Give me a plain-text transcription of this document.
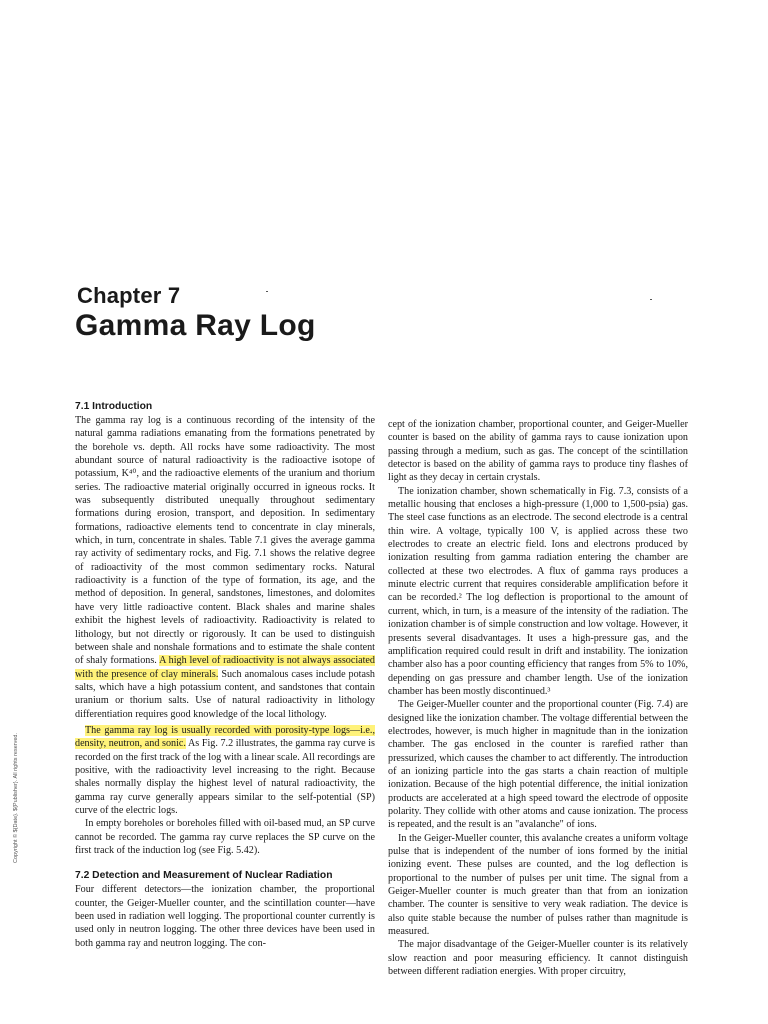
Chapter 7
Gamma Ray Log
7.1 Introduction

The gamma ray log is a continuous recording of the intensity of the natural gamma radiations emanating from the formations penetrated by the borehole vs. depth. All rocks have some radioactivity. The most abundant source of natural radioactivity is the radioactive isotope of potassium, K⁴⁰, and the radioactive elements of the uranium and thorium series. The radioactive material originally occurred in igneous rocks. It was subsequently distributed unequally throughout sedimentary formations during erosion, transport, and deposition. In sedimentary formations, radioactive elements tend to concentrate in clay minerals, which, in turn, concentrate in shales. Table 7.1 gives the average gamma ray activity of sedimentary rocks, and Fig. 7.1 shows the relative degree of radioactivity of the most common sedimentary rocks. Natural radioactivity is a function of the type of formation, its age, and the method of deposition. In general, sandstones, limestones, and dolomites have very little radioactive content. Black shales and marine shales exhibit the highest levels of radioactivity. Radioactivity is related to lithology, but not directly or rigorously. It can be used to distinguish between shale and nonshale formations and to estimate the shale content of shaly formations. A high level of radioactivity is not always associated with the presence of clay minerals. Such anomalous cases include potash salts, which have a high potassium content, and sandstones that contain uranium or thorium salts. Use of natural radioactivity in lithology differentiation requires good knowledge of the local lithology.

The gamma ray log is usually recorded with porosity-type logs—i.e., density, neutron, and sonic. As Fig. 7.2 illustrates, the gamma ray curve is recorded on the first track of the log with a linear scale. All recordings are positive, with the radioactivity level increasing to the right. Because shales normally display the highest level of natural radioactivity, the gamma ray curve generally appears similar to the self-potential (SP) curve of the electric logs.

In empty boreholes or boreholes filled with oil-based mud, an SP curve cannot be recorded. The gamma ray curve replaces the SP curve on the first track of the induction log (see Fig. 5.42).

7.2 Detection and Measurement of Nuclear Radiation

Four different detectors—the ionization chamber, the proportional counter, the Geiger-Mueller counter, and the scintillation counter—have been used in radiation well logging. The proportional counter currently is used only in neutron logging. The other three devices have been used in both gamma ray and neutron logging. The con-

cept of the ionization chamber, proportional counter, and Geiger-Mueller counter is based on the ability of gamma rays to cause ionization upon passing through a medium, such as gas. The concept of the scintillation detector is based on the ability of gamma rays to produce tiny flashes of light as they decay in certain crystals.

The ionization chamber, shown schematically in Fig. 7.3, consists of a metallic housing that encloses a high-pressure (1,000 to 1,500-psia) gas. The steel case functions as an electrode. The second electrode is a central thin wire. A voltage, typically 100 V, is applied across these two electrodes to create an electric field. Ions and electrons produced by ionization resulting from gamma radiation entering the chamber are collected at these two electrodes. A flux of gamma rays produces a minute electric current that requires considerable amplification before it can be recorded.² The log deflection is proportional to the amount of current, which, in turn, is a measure of the intensity of the radiation. The ionization chamber is of simple construction and low voltage. However, it presents several disadvantages. It uses a high-pressure gas, and the amplification required could result in drift and instability. The ionization chamber also has a poor counting efficiency that ranges from 5% to 10%, depending on gas pressure and chamber length. Use of the ionization chamber has been mostly discontinued.³

The Geiger-Mueller counter and the proportional counter (Fig. 7.4) are designed like the ionization chamber. The voltage differential between the electrodes, however, is much higher in magnitude than in the ionization chamber. The gas enclosed in the counter is rarefied rather than pressurized, which causes the chamber to act differently. The introduction of an ionizing particle into the gas starts a chain reaction of multiple ionization. Because of the high potential difference, the initial ionization products are accelerated at a high speed toward the electrode of opposite polarity. They collide with other atoms and cause ionization. The process is repeated, and the result is an "avalanche" of ions.

In the Geiger-Mueller counter, this avalanche creates a uniform voltage pulse that is independent of the number of ions formed by the initial ionizing event. These pulses are counted, and the log deflection is proportional to the number of pulses per unit time. The signal from a Geiger-Mueller counter is much greater than that from an ionization chamber. The counter is sensitive to very weak radiation. The device is also quite stable because the number of pulses rather than magnitude is measured.

The major disadvantage of the Geiger-Mueller counter is its relatively slow reaction and poor measuring efficiency. It cannot distinguish between different radiation energies. With proper circuitry,

Copyright © ${Date}. ${Publisher}. All rights reserved.
